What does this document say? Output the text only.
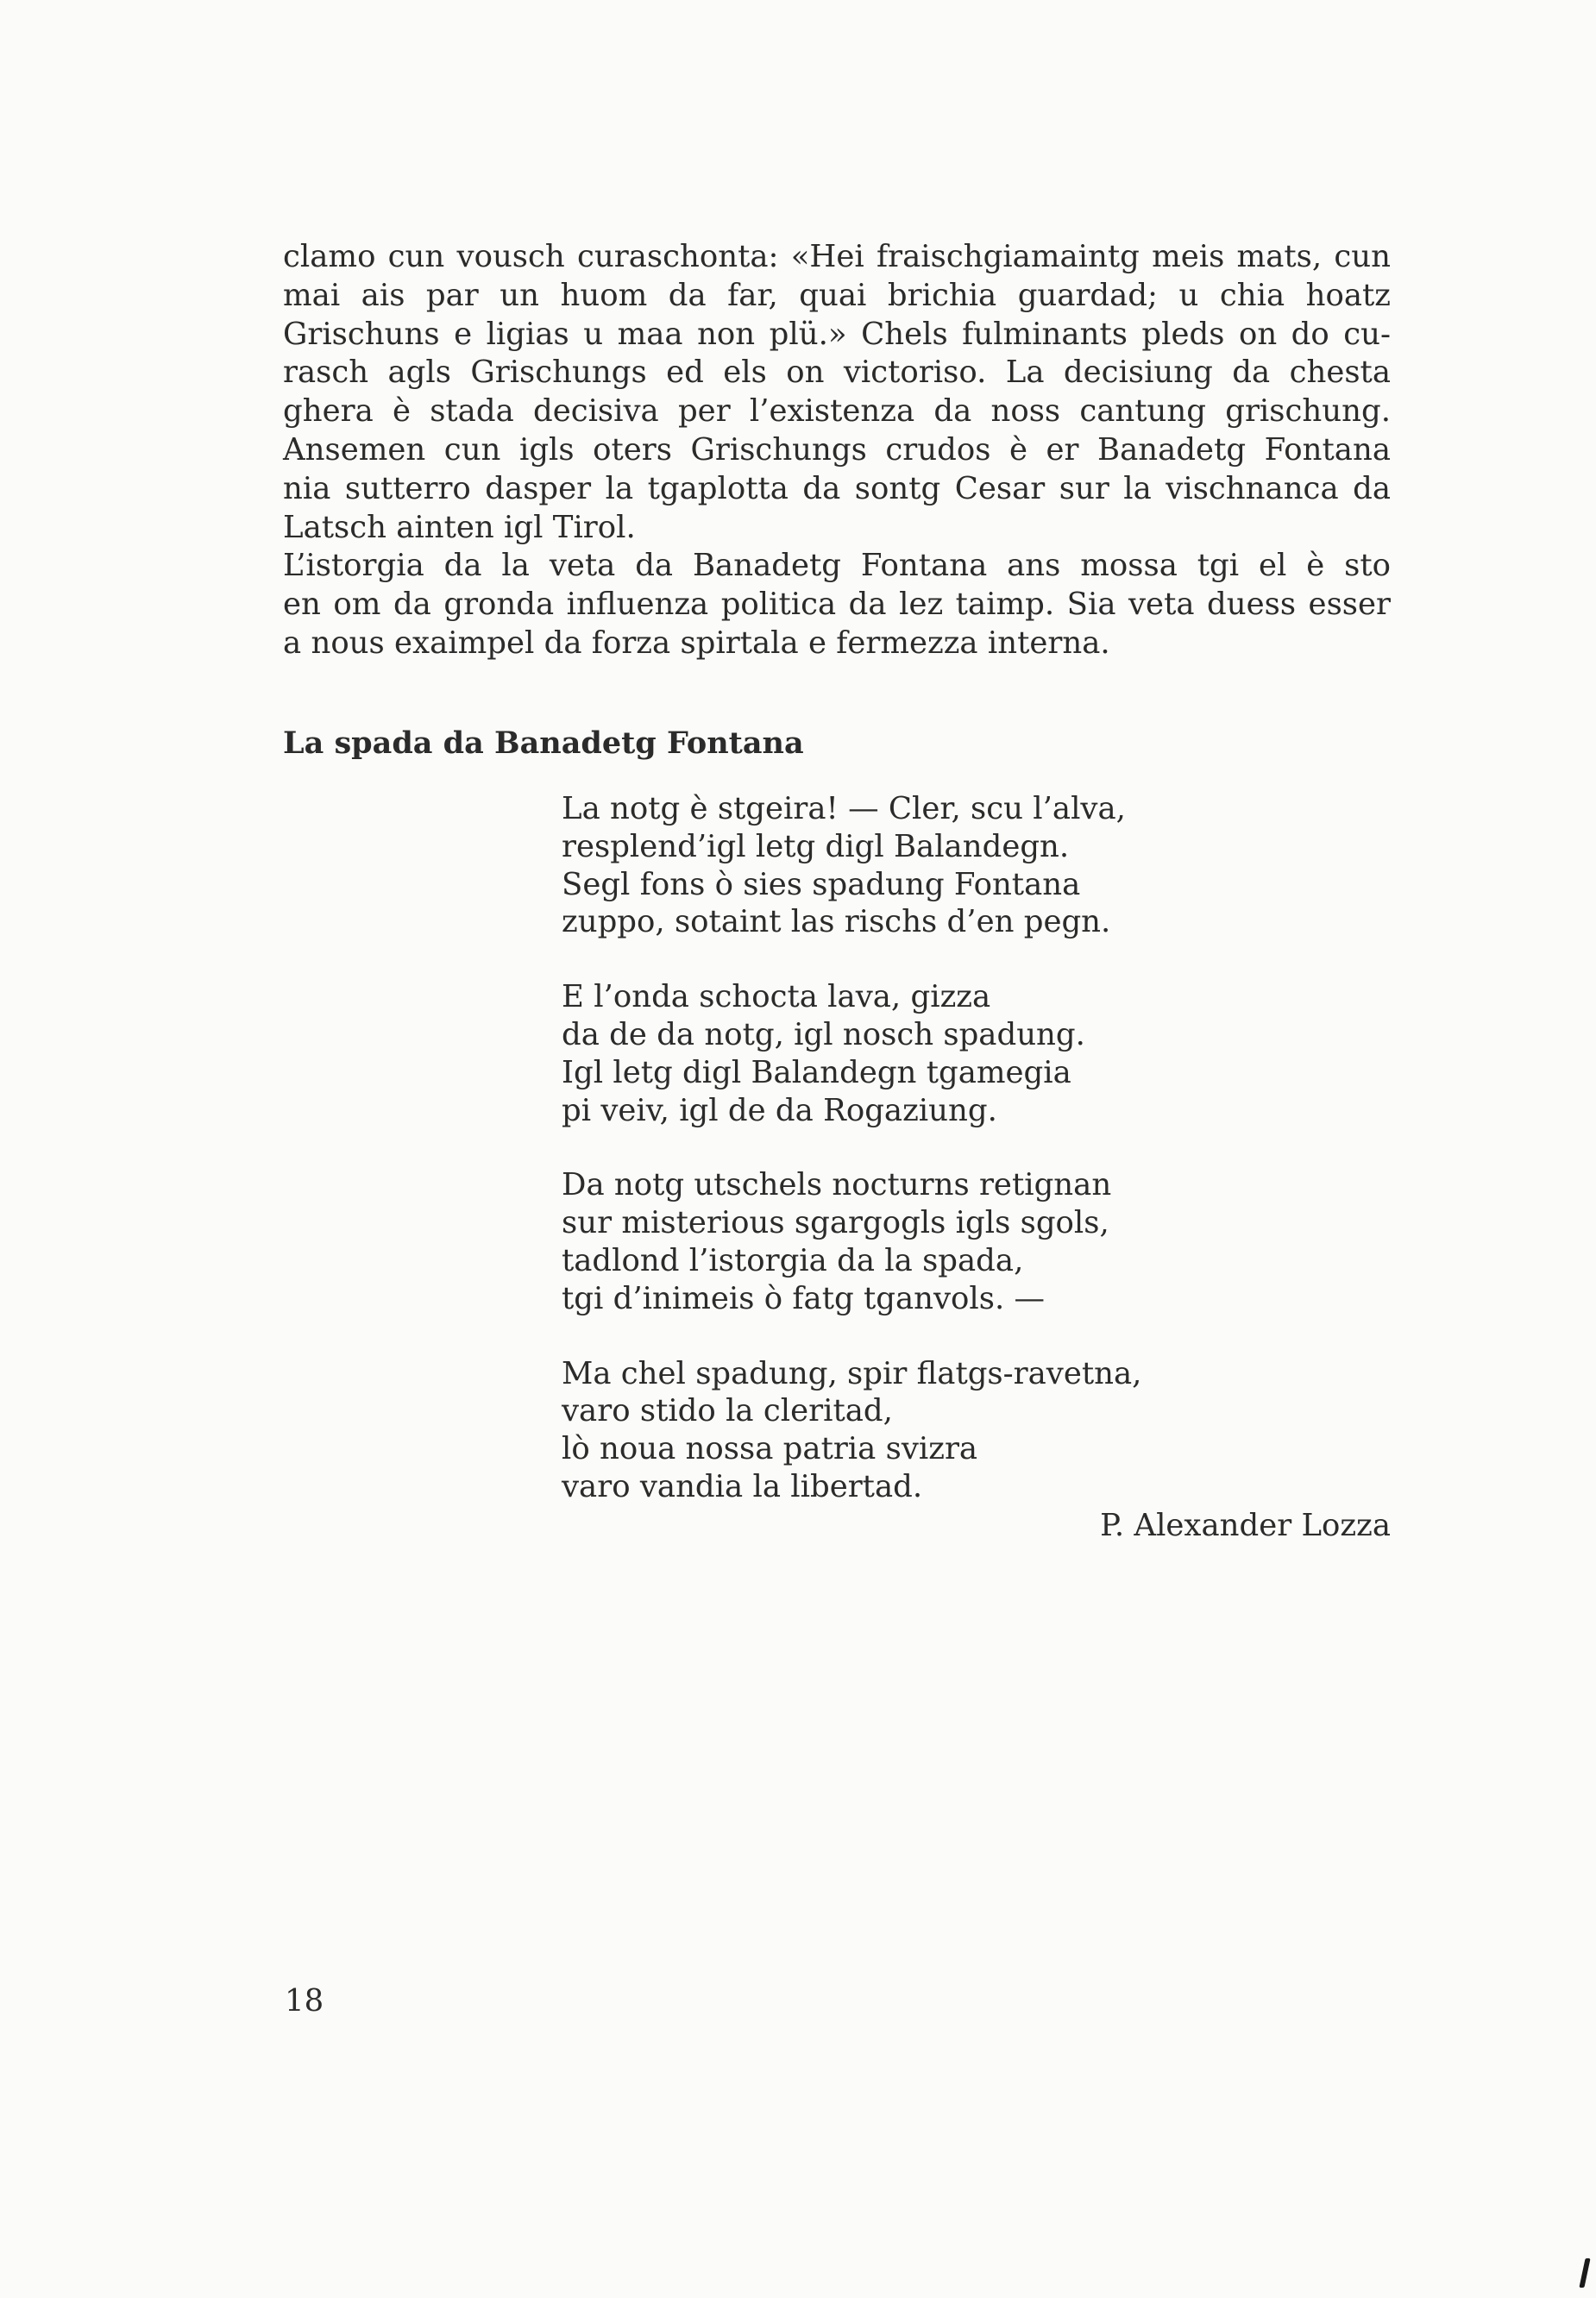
clamo cun vousch curaschonta: «Hei fraischgiamaintg meis mats, cun
mai ais par un huom da far, quai brichia guardad; u chia hoatz
Grischuns e ligias u maa non plü.» Chels fulminants pleds on do cu-
rasch agls Grischungs ed els on victoriso. La decisiung da chesta
ghera è stada decisiva per l’existenza da noss cantung grischung.
Ansemen cun igls oters Grischungs crudos è er Banadetg Fontana
nia sutterro dasper la tgaplotta da sontg Cesar sur la vischnanca da
Latsch ainten igl Tirol.
L’istorgia da la veta da Banadetg Fontana ans mossa tgi el è sto
en om da gronda influenza politica da lez taimp. Sia veta duess esser
a nous exaimpel da forza spirtala e fermezza interna.
La spada da Banadetg Fontana
La notg è stgeira! — Cler, scu l’alva,
resplend’igl letg digl Balandegn.
Segl fons ò sies spadung Fontana
zuppo, sotaint las rischs d’en pegn.
E l’onda schocta lava, gizza
da de da notg, igl nosch spadung.
Igl letg digl Balandegn tgamegia
pi veiv, igl de da Rogaziung.
Da notg utschels nocturns retignan
sur misterious sgargogls igls sgols,
tadlond l’istorgia da la spada,
tgi d’inimeis ò fatg tganvols. —
Ma chel spadung, spir flatgs-ravetna,
varo stido la cleritad,
lò noua nossa patria svizra
varo vandia la libertad.
P. Alexander Lozza
18
